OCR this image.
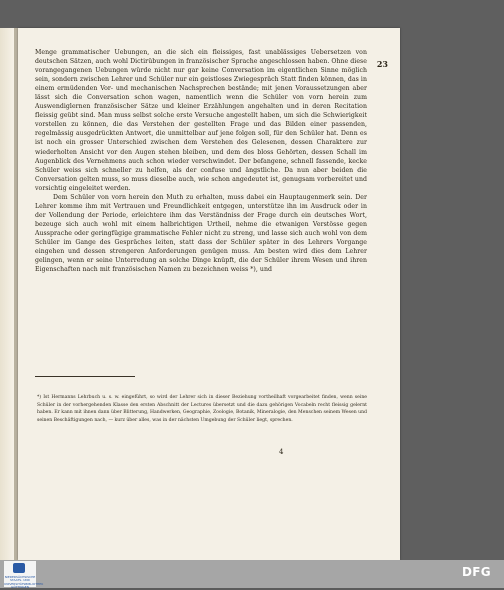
23

Menge grammatischer Uebungen, an die sich ein fleissiges, fast unablässiges Uebersetzen von deutschen Sätzen, auch wohl Dictirübungen in französischer Sprache angeschlossen haben. Ohne diese vorangegangenen Uebungen würde nicht nur gar keine Conversation im eigentlichen Sinne möglich sein, sondern zwischen Lehrer und Schüler nur ein geistloses Zwiegespräch Statt finden können, das in einem ermüdenden Vor- und mechanischen Nachsprechen bestände; mit jenen Voraussetzungen aber lässt sich die Conversation schon wagen, namentlich wenn die Schüler von vorn herein zum Auswendiglernen französischer Sätze und kleiner Erzählungen angehalten und in deren Recitation fleissig geübt sind. Man muss selbst solche erste Versuche angestellt haben, um sich die Schwierigkeit vorstellen zu können, die das Verstehen der gestellten Frage und das Bilden einer passenden, regelmässig ausgedrückten Antwort, die unmittelbar auf jene folgen soll, für den Schüler hat. Denn es ist noch ein grosser Unterschied zwischen dem Verstehen des Gelesenen, dessen Charaktere zur wiederholten Ansicht vor den Augen stehen bleiben, und dem des bloss Gehörten, dessen Schall im Augenblick des Vernehmens auch schon wieder verschwindet. Der befangene, schnell fassende, keckе Schüler weiss sich schneller zu helfen, als der confuse und ängstliche. Da nun aber beiden die Conversation gelten muss, so muss dieselbe auch, wie schon angedeutet ist, genugsam vorbereitet und vorsichtig eingeleitet werden.

Dem Schüler von vorn herein den Muth zu erhalten, muss dabei ein Hauptaugenmerk sein. Der Lehrer komme ihm mit Vertrauen und Freundlichkeit entgegen, unterstütze ihn im Ausdruck oder in der Vollendung der Periode, erleichtere ihm das Verständniss der Frage durch ein deutsches Wort, bezeuge sich auch wohl mit einem halbrichtigen Urtheil, nehme die etwanigen Verstösse gegen Aussprache oder geringfügige grammatische Fehler nicht zu streng, und lasse sich auch wohl von dem Schüler im Gange des Gespräches leiten, statt dass der Schüler später in des Lehrers Vorgange eingehen und dessen strengeren Anforderungen genügen muss. Am besten wird dies dem Lehrer gelingen, wenn er seine Unterredung an solche Dinge knüpft, die der Schüler ihrem Wesen und ihren Eigenschaften nach mit französischen Namen zu bezeichnen weiss *), und

*) Ist Hermanns Lehrbuch u. s. w. eingeführt, so wird der Lehrer sich in dieser Beziehung vortheilhaft vorgearbeitet finden, wenn seine Schüler in der vorhergehenden Klasse den ersten Abschnitt der Lectures übersetzt und die dazu gehörigen Vocabeln recht fleissig gelernt haben. Er kann mit ihnen dann über Blitterung, Handwerken, Geographie, Zoologie, Botanik, Mineralogie, den Menschen seinem Wesen und seinen Beschäftigungen nach, — kurz über alles, was in der nächsten Umgebung der Schüler liegt, sprechen.
4
NIEDERSÄCHSISCHE STAATS- UND UNIVERSITÄTSBIBLIOTHEK GÖTTINGEN
DFG
